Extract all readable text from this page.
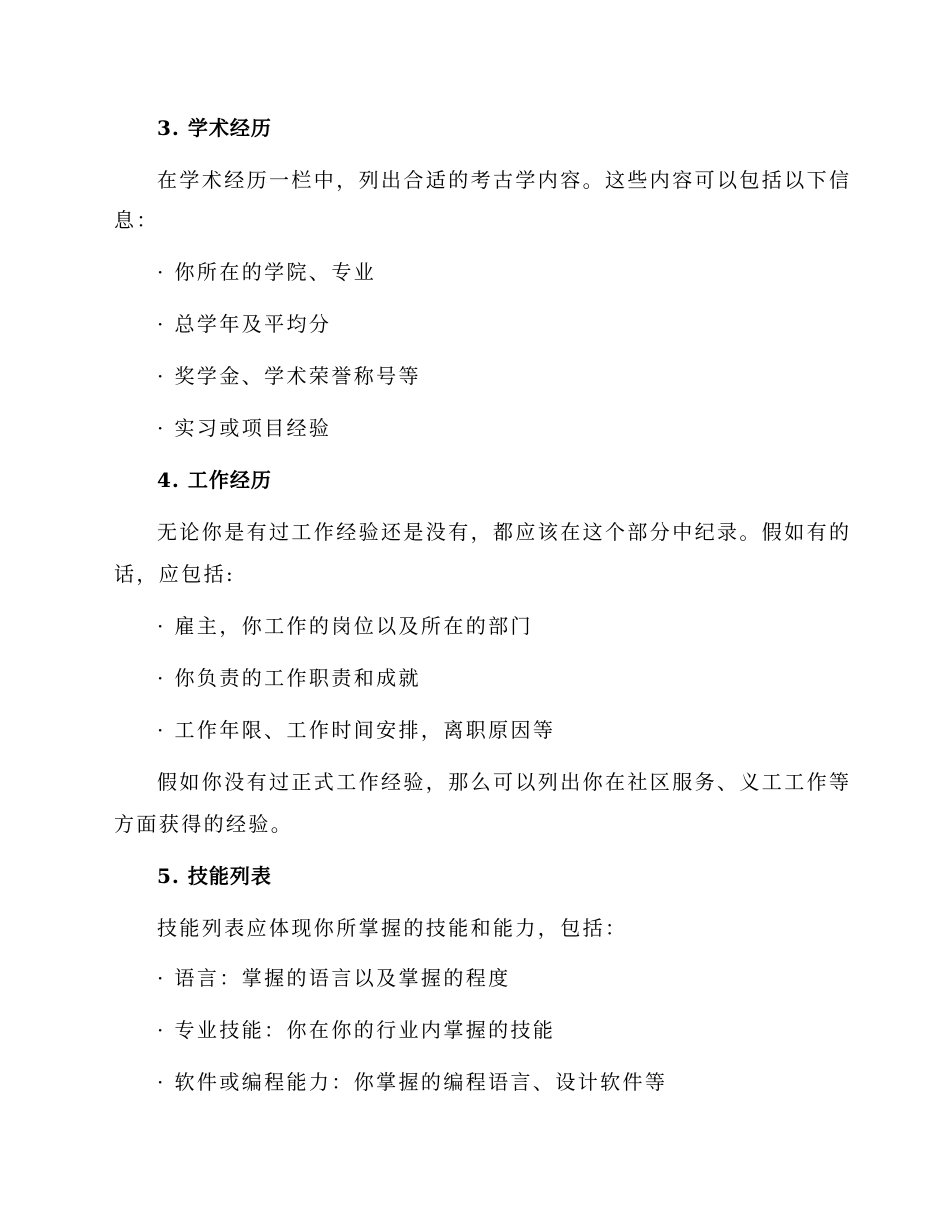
3. 学术经历
在学术经历一栏中，列出合适的考古学内容。这些内容可以包括以下信
息：
· 你所在的学院、专业
· 总学年及平均分
· 奖学金、学术荣誉称号等
· 实习或项目经验
4. 工作经历
无论你是有过工作经验还是没有，都应该在这个部分中纪录。假如有的
话，应包括:
· 雇主，你工作的岗位以及所在的部门
· 你负责的工作职责和成就
· 工作年限、工作时间安排，离职原因等
假如你没有过正式工作经验，那么可以列出你在社区服务、义工工作等
方面获得的经验。
5. 技能列表
技能列表应体现你所掌握的技能和能力，包括：
· 语言：掌握的语言以及掌握的程度
· 专业技能：你在你的行业内掌握的技能
· 软件或编程能力：你掌握的编程语言、设计软件等
